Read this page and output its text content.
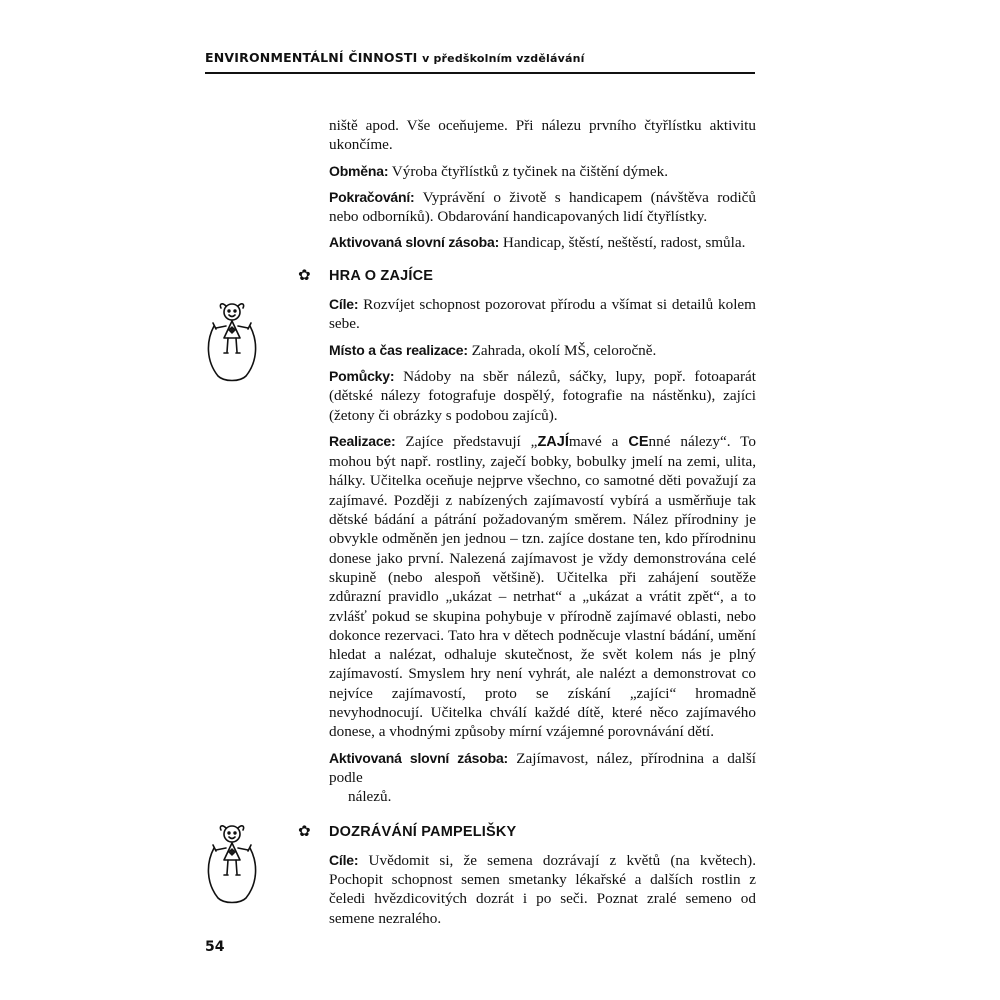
ENVIRONMENTÁLNÍ ČINNOSTI v předškolním vzdělávání

niště apod. Vše oceňujeme. Při nálezu prvního čtyřlístku aktivitu ukončíme.

Obměna: Výroba čtyřlístků z tyčinek na čištění dýmek.

Pokračování: Vyprávění o životě s handicapem (návštěva rodičů nebo odborníků). Obdarování handicapovaných lidí čtyřlístky.

Aktivovaná slovní zásoba: Handicap, štěstí, neštěstí, radost, smůla.

✿ HRA O ZAJÍCE

Cíle: Rozvíjet schopnost pozorovat přírodu a všímat si detailů kolem sebe.

Místo a čas realizace: Zahrada, okolí MŠ, celoročně.

Pomůcky: Nádoby na sběr nálezů, sáčky, lupy, popř. fotoaparát (dětské nálezy fotografuje dospělý, fotografie na nástěnku), zajíci (žetony či obrázky s podobou zajíců).

Realizace: Zajíce představují „ZAJÍmavé a CEnné nálezy“. To mohou být např. rostliny, zaječí bobky, bobulky jmelí na zemi, ulita, hálky. Učitelka oceňuje nejprve všechno, co samotné děti považují za zajímavé. Později z nabízených zajímavostí vybírá a usměrňuje tak dětské bádání a pátrání požadovaným směrem. Nález přírodniny je obvykle odměněn jen jednou – tzn. zajíce dostane ten, kdo přírodninu donese jako první. Nalezená zajímavost je vždy demonstrována celé skupině (nebo alespoň většině). Učitelka při zahájení soutěže zdůrazní pravidlo „ukázat – netrhat“ a „ukázat a vrátit zpět“, a to zvlášť pokud se skupina pohybuje v přírodně zajímavé oblasti, nebo dokonce rezervaci. Tato hra v dětech podněcuje vlastní bádání, umění hledat a nalézat, odhaluje skutečnost, že svět kolem nás je plný zajímavostí. Smyslem hry není vyhrát, ale nalézt a demonstrovat co nejvíce zajímavostí, proto se získání „zajíci“ hromadně nevyhodnocují. Učitelka chválí každé dítě, které něco zajímavého donese, a vhodnými způsoby mírní vzájemné porovnávání dětí.

Aktivovaná slovní zásoba: Zajímavost, nález, přírodnina a další podle
nálezů.

✿ DOZRÁVÁNÍ PAMPELIŠKY

Cíle: Uvědomit si, že semena dozrávají z květů (na květech). Pochopit schopnost semen smetanky lékařské a dalších rostlin z čeledi hvězdicovitých dozrát i po seči. Poznat zralé semeno od semene nezralého.

54
